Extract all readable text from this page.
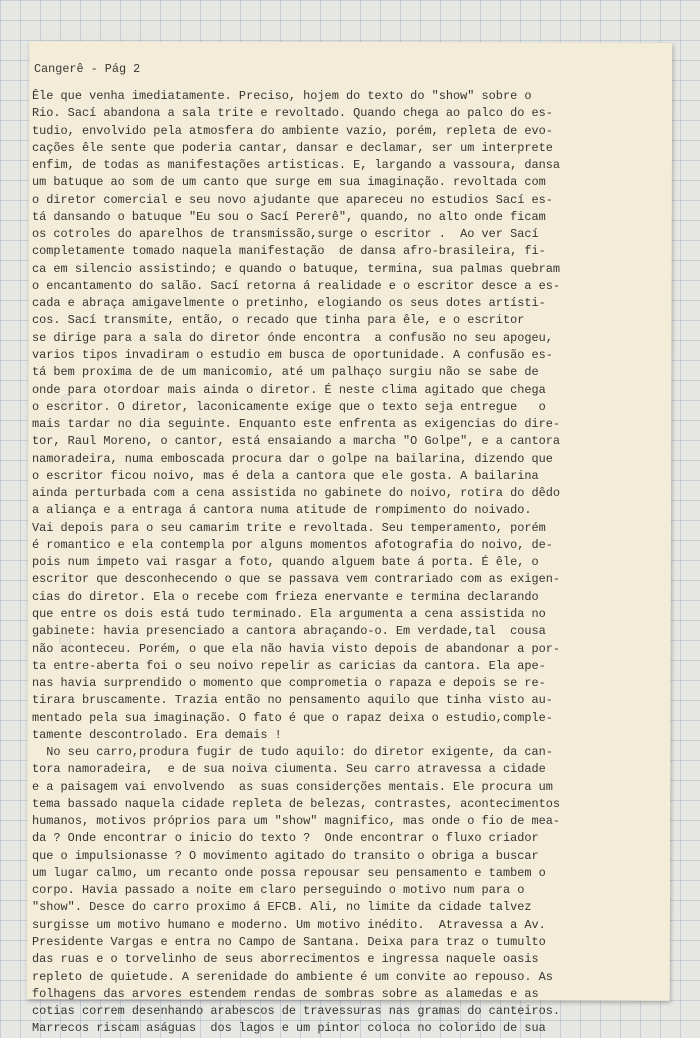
Cangerê - Pág 2
Êle que venha imediatamente. Preciso, hojem do texto do "show" sobre o
Rio. Sací abandona a sala trite e revoltado. Quando chega ao palco do es-
tudio, envolvido pela atmosfera do ambiente vazio, porém, repleta de evo-
cações êle sente que poderia cantar, dansar e declamar, ser um interprete
enfim, de todas as manifestações artisticas. E, largando a vassoura, dansa
um batuque ao som de um canto que surge em sua imaginação. revoltada com
o diretor comercial e seu novo ajudante que apareceu no estudios Sací es-
tá dansando o batuque "Eu sou o Sací Pererê", quando, no alto onde ficam
os cotroles do aparelhos de transmissão,surge o escritor .  Ao ver Sací
completamente tomado naquela manifestação  de dansa afro-brasileira, fi-
ca em silencio assistindo; e quando o batuque, termina, sua palmas quebram
o encantamento do salão. Sací retorna á realidade e o escritor desce a es-
cada e abraça amigavelmente o pretinho, elogiando os seus dotes artísti-
cos. Sací transmite, então, o recado que tinha para êle, e o escritor
se dirige para a sala do diretor ónde encontra  a confusão no seu apogeu,
varios tipos invadiram o estudio em busca de oportunidade. A confusão es-
tá bem proxima de de um manicomio, até um palhaço surgiu não se sabe de
onde para otordoar mais ainda o diretor. É neste clima agitado que chega
o escritor. O diretor, laconicamente exige que o texto seja entregue   o
mais tardar no dia seguinte. Enquanto este enfrenta as exigencias do dire-
tor, Raul Moreno, o cantor, está ensaiando a marcha "O Golpe", e a cantora
namoradeira, numa emboscada procura dar o golpe na bailarina, dizendo que
o escritor ficou noivo, mas é dela a cantora que ele gosta. A bailarina
ainda perturbada com a cena assistida no gabinete do noivo, rotira do dêdo
a aliança e a entraga á cantora numa atitude de rompimento do noivado.
Vai depois para o seu camarim trite e revoltada. Seu temperamento, porém
é romantico e ela contempla por alguns momentos afotografia do noivo, de-
pois num impeto vai rasgar a foto, quando alguem bate á porta. É êle, o
escritor que desconhecendo o que se passava vem contrariado com as exigen-
cias do diretor. Ela o recebe com frieza enervante e termina declarando
que entre os dois está tudo terminado. Ela argumenta a cena assistida no
gabinete: havia presenciado a cantora abraçando-o. Em verdade,tal  cousa
não aconteceu. Porém, o que ela não havia visto depois de abandonar a por-
ta entre-aberta foi o seu noivo repelir as caricias da cantora. Ela ape-
nas havia surprendido o momento que comprometia o rapaza e depois se re-
tirara bruscamente. Trazia então no pensamento aquilo que tinha visto au-
mentado pela sua imaginação. O fato é que o rapaz deixa o estudio,comple-
tamente descontrolado. Era demais !
No seu carro,produra fugir de tudo aquilo: do diretor exigente, da can-
tora namoradeira,  e de sua noiva ciumenta. Seu carro atravessa a cidade
e a paisagem vai envolvendo  as suas considerções mentais. Ele procura um
tema bassado naquela cidade repleta de belezas, contrastes, acontecimentos
humanos, motivos próprios para um "show" magnifico, mas onde o fio de mea-
da ? Onde encontrar o inicio do texto ?  Onde encontrar o fluxo criador
que o impulsionasse ? O movimento agitado do transito o obriga a buscar
um lugar calmo, um recanto onde possa repousar seu pensamento e tambem o
corpo. Havia passado a noite em claro perseguindo o motivo num para o
"show". Desce do carro proximo á EFCB. Ali, no limite da cidade talvez
surgisse um motivo humano e moderno. Um motivo inédito.  Atravessa a Av.
Presidente Vargas e entra no Campo de Santana. Deixa para traz o tumulto
das ruas e o torvelinho de seus aborrecimentos e ingressa naquele oasis
repleto de quietude. A serenidade do ambiente é um convite ao repouso. As
folhagens das arvores estendem rendas de sombras sobre as alamedas e as
cotias correm desenhando arabescos de travessuras nas gramas do canteiros.
Marrecos riscam aságuas  dos lagos e um pintor coloca no colorido de sua
